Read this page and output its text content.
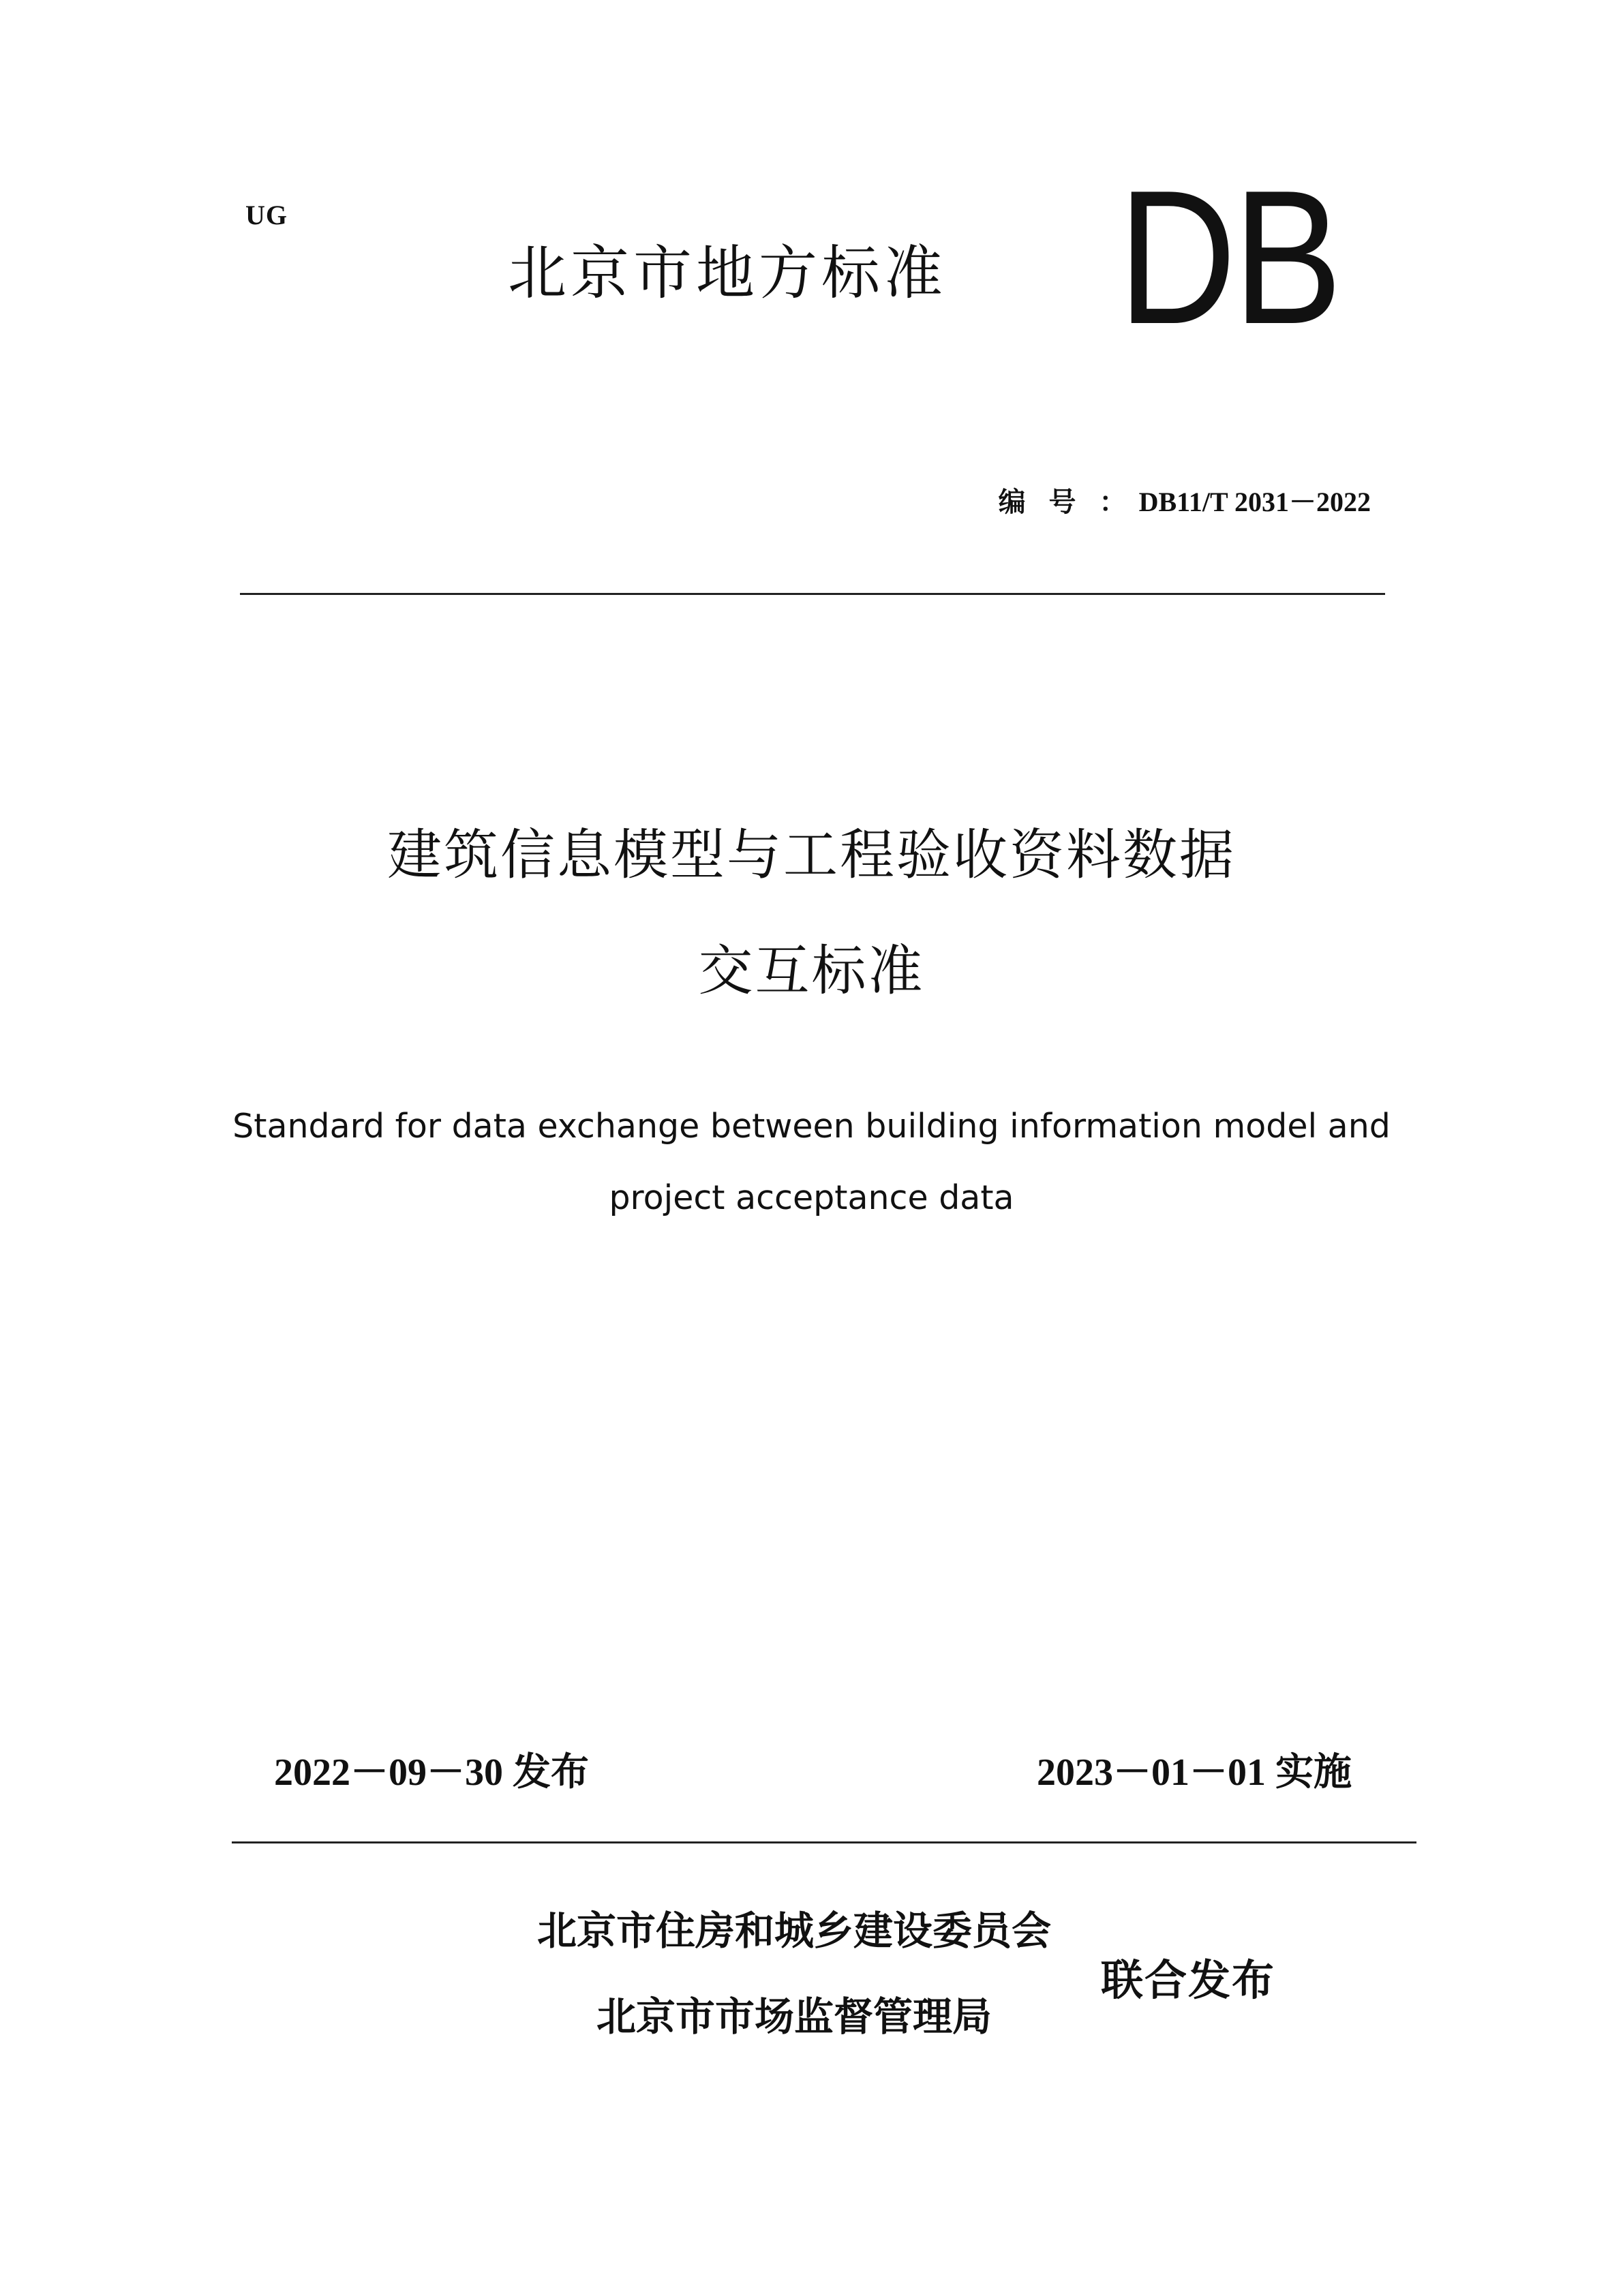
UG
北京市地方标准 DB
编号：DB11/T 2031－2022
建筑信息模型与工程验收资料数据
交互标准
Standard for data exchange between building information model and
project acceptance data
2022－09－30 发布	2023－01－01 实施
北京市住房和城乡建设委员会
北京市市场监督管理局
联合发布
